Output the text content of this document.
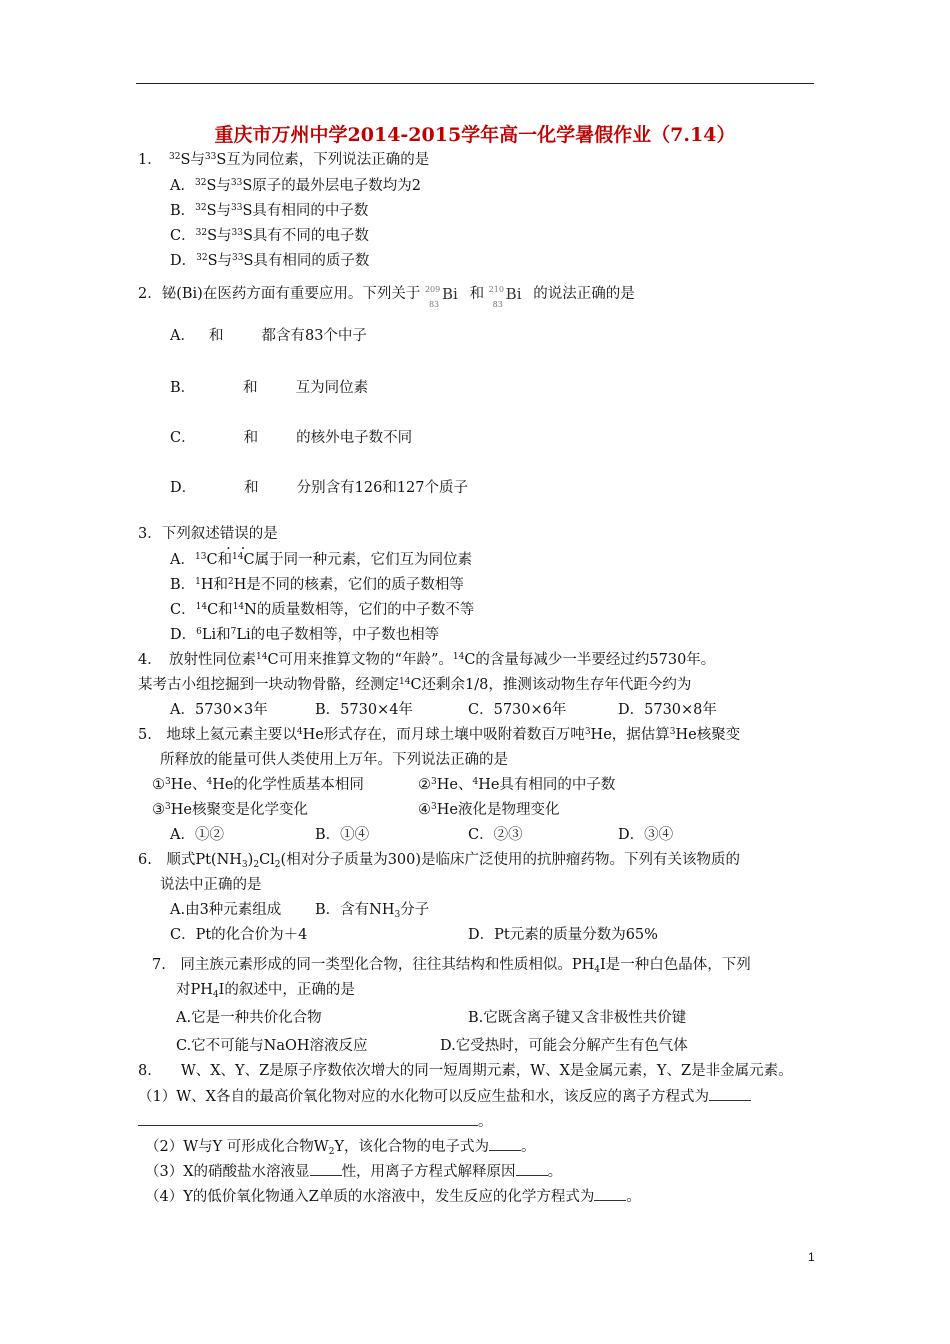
重庆市万州中学2014-2015学年高一化学暑假作业（7.14）
1．　 $^{32}$S与$^{33}$S互为同位素，下列说法正确的是
A．$^{32}$S与$^{33}$S原子的最外层电子数均为2
B．$^{32}$S与$^{33}$S具有相同的中子数
C．$^{32}$S与$^{33}$S具有不同的电子数
D．$^{32}$S与$^{33}$S具有相同的质子数
2．铋(Bi)在医药方面有重要应用。下列关于 209
83
Bi 和 210
83
Bi 的说法正确的是
A． 和	都含有83个中子
B．	和	互为同位素
C．	和	的核外电子数不同
D．	和	分别含有126和127个质子
3．下列叙述错误的是
A．$^{13}$C和$^{14}$C属于同一种元素，它们互为同位素
B．$^1$H和$^2$H是不同的核素，它们的质子数相等
C．$^{14}$C和$^{14}$N的质量数相等，它们的中子数不等
D．$^6$Li和$^7$Li的电子数相等，中子数也相等
4．　放射性同位素$^{14}$C可用来推算文物的“年龄”。$^{14}$C的含量每减少一半要经过约5730年。
某考古小组挖掘到一块动物骨骼，经测定$^{14}$C还剩余1/8，推测该动物生存年代距今约为
A．5730×3年	B．5730×4年	C．5730×6年	D．5730×8年
5.　地球上氦元素主要以$^4$He形式存在，而月球土壤中吸附着数百万吨$^3$He，据估算$^3$He核聚变
所释放的能量可供人类使用上万年。下列说法正确的是
①$^3$He、$^4$He的化学性质基本相同	②$^3$He、$^4$He具有相同的中子数
③$^3$He核聚变是化学变化	④$^3$He液化是物理变化
A．①②	B．①④	C．②③	D．③④
6.　顺式$Pt(NH_3)_2Cl_2$(相对分子质量为300)是临床广泛使用的抗肿瘤药物。下列有关该物质的
说法中正确的是
A.由3种元素组成 B．含有$NH_3$分子
C．Pt的化合价为＋4	D．Pt元素的质量分数为65%
7.　同主族元素形成的同一类型化合物，往往其结构和性质相似。$PH_4I$是一种白色晶体，下列
对$PH_4I$的叙述中，正确的是
A.它是一种共价化合物	B.它既含离子键又含非极性共价键
C.它不可能与NaOH溶液反应	D.它受热时，可能会分解产生有色气体
8.　　W、X、Y、Z是原子序数依次增大的同一短周期元素，W、X是金属元素，Y、Z是非金属元素。
（1）W、X各自的最高价氧化物对应的水化物可以反应生盐和水，该反应的离子方程式为
。
（2）W与Y 可形成化合物$W_2Y$，该化合物的电子式为 。
（3）X的硝酸盐水溶液显 性，用离子方程式解释原因 。
（4）Y的低价氧化物通入Z单质的水溶液中，发生反应的化学方程式为 。
1
